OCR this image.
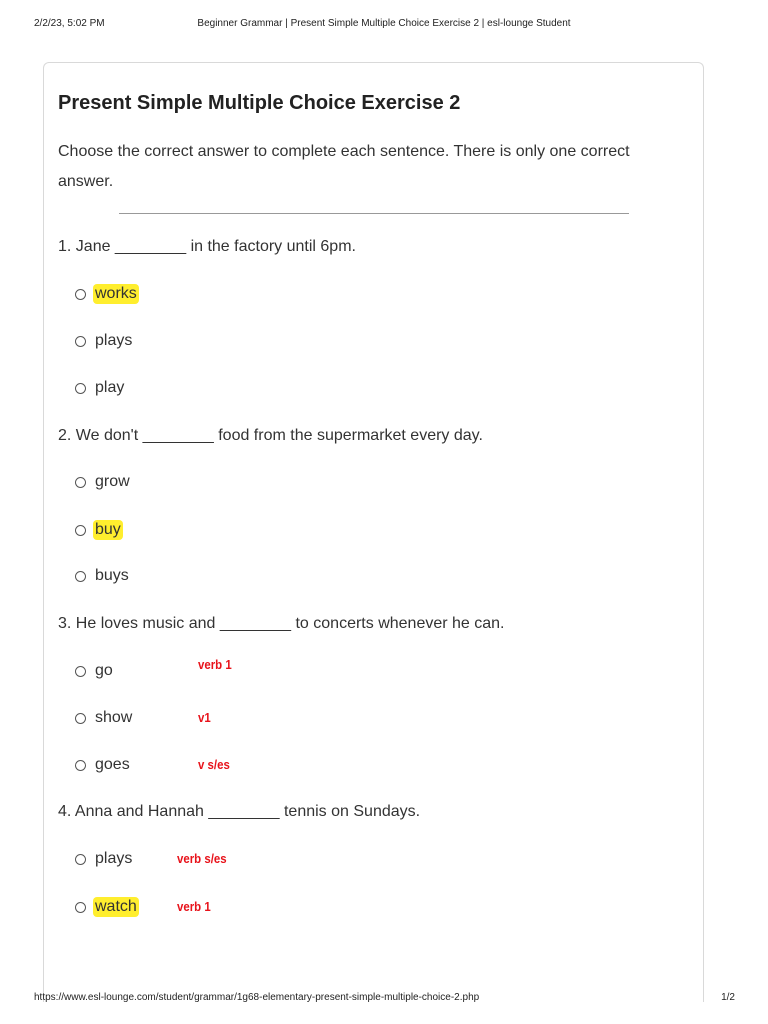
2/2/23, 5:02 PM	Beginner Grammar | Present Simple Multiple Choice Exercise 2 | esl-lounge Student
Present Simple Multiple Choice Exercise 2

Choose the correct answer to complete each sentence. There is only one correct answer.

1. Jane ________ in the factory until 6pm.
works
plays
play
2. We don't ________ food from the supermarket every day.
grow
buy
buys
3. He loves music and ________ to concerts whenever he can.
go	verb 1
show	v1
goes	v s/es
4. Anna and Hannah ________ tennis on Sundays.
plays	verb s/es
watch	verb 1
https://www.esl-lounge.com/student/grammar/1g68-elementary-present-simple-multiple-choice-2.php	1/2
